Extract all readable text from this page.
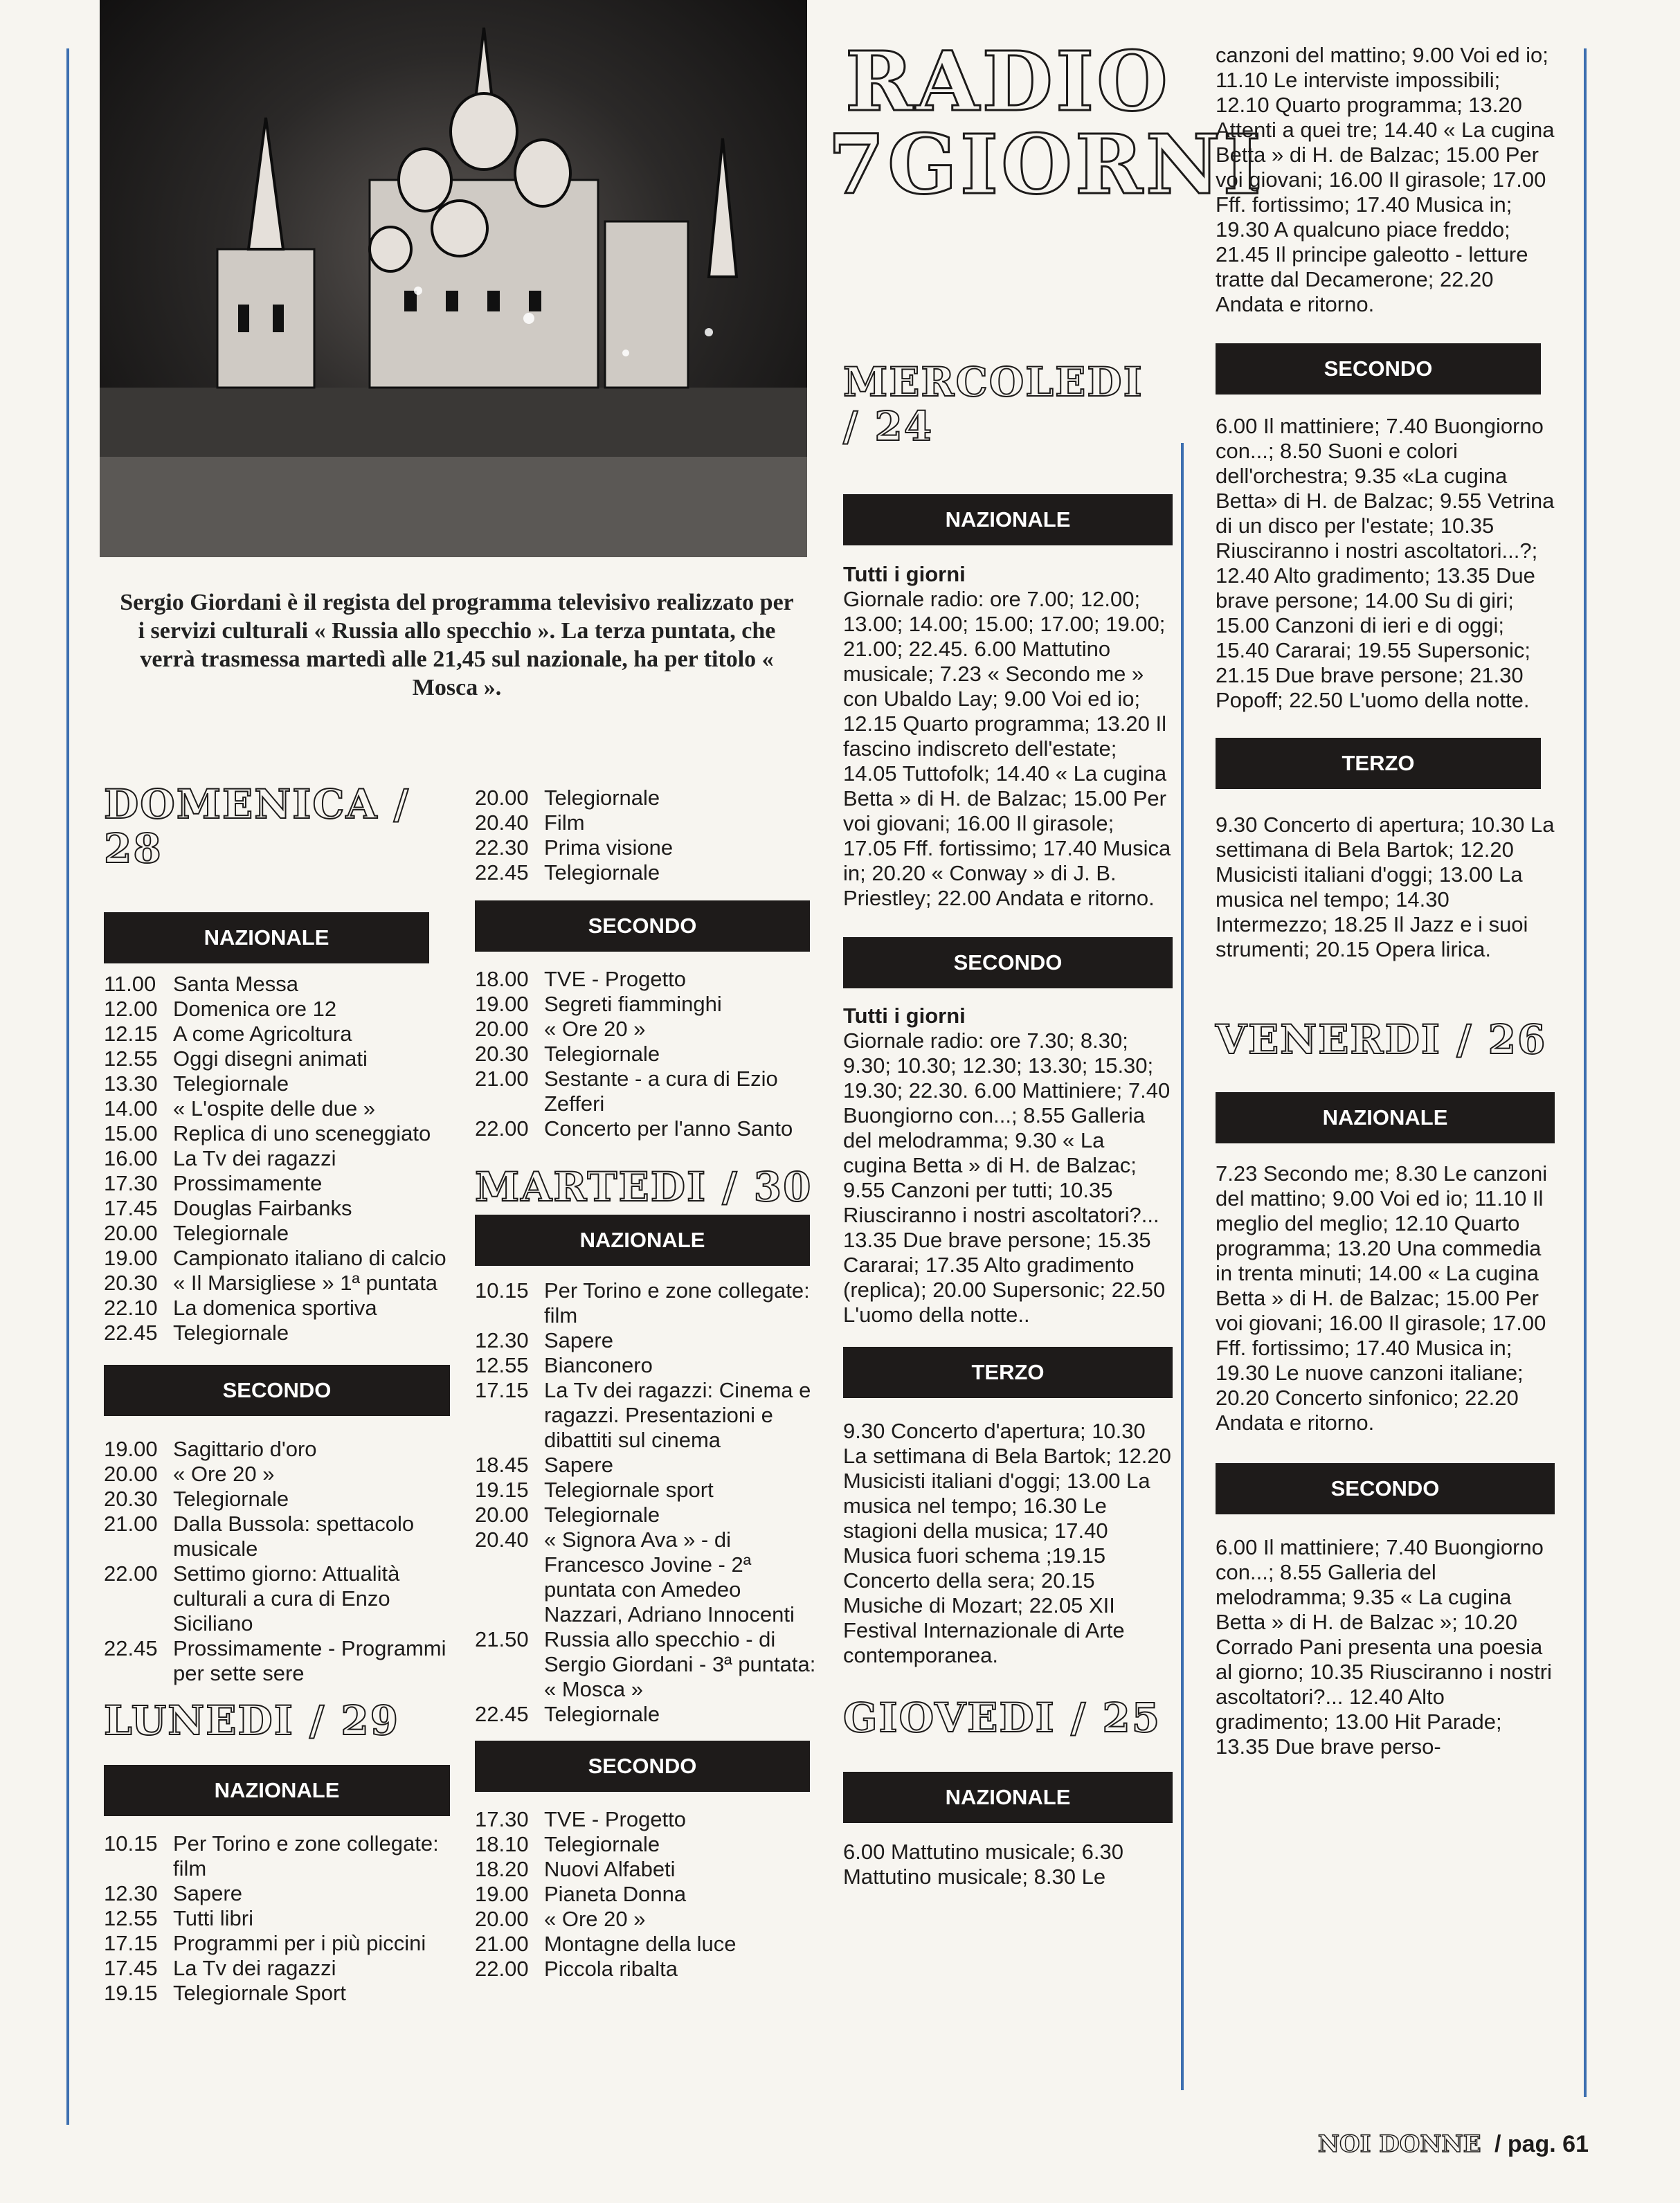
RADIO
7GIORNI
Sergio Giordani è il regista del programma televisivo realizzato per i servizi culturali « Russia allo specchio ». La terza puntata, che verrà trasmessa martedì alle 21,45 sul nazionale, ha per titolo « Mosca ».
DOMENICA / 28
NAZIONALE
11.00 Santa Messa
12.00 Domenica ore 12
12.15 A come Agricoltura
12.55 Oggi disegni animati
13.30 Telegiornale
14.00 « L'ospite delle due »
15.00 Replica di uno sceneggiato
16.00 La Tv dei ragazzi
17.30 Prossimamente
17.45 Douglas Fairbanks
20.00 Telegiornale
19.00 Campionato italiano di calcio
20.30 « Il Marsigliese » 1ª puntata
22.10 La domenica sportiva
22.45 Telegiornale
SECONDO
19.00 Sagittario d'oro
20.00 « Ore 20 »
20.30 Telegiornale
21.00 Dalla Bussola: spettacolo musicale
22.00 Settimo giorno: Attualità culturali a cura di Enzo Siciliano
22.45 Prossimamente - Programmi per sette sere
LUNEDI / 29
NAZIONALE
10.15 Per Torino e zone collegate: film
12.30 Sapere
12.55 Tutti libri
17.15 Programmi per i più piccini
17.45 La Tv dei ragazzi
19.15 Telegiornale Sport
20.00 Telegiornale
20.40 Film
22.30 Prima visione
22.45 Telegiornale
SECONDO
18.00 TVE - Progetto
19.00 Segreti fiamminghi
20.00 « Ore 20 »
20.30 Telegiornale
21.00 Sestante - a cura di Ezio Zefferi
22.00 Concerto per l'anno Santo
MARTEDI / 30
NAZIONALE
10.15 Per Torino e zone collegate: film
12.30 Sapere
12.55 Bianconero
17.15 La Tv dei ragazzi: Cinema e ragazzi. Presentazioni e dibattiti sul cinema
18.45 Sapere
19.15 Telegiornale sport
20.00 Telegiornale
20.40 « Signora Ava » - di Francesco Jovine - 2ª puntata con Amedeo Nazzari, Adriano Innocenti
21.50 Russia allo specchio - di Sergio Giordani - 3ª puntata: « Mosca »
22.45 Telegiornale
SECONDO
17.30 TVE - Progetto
18.10 Telegiornale
18.20 Nuovi Alfabeti
19.00 Pianeta Donna
20.00 « Ore 20 »
21.00 Montagne della luce
22.00 Piccola ribalta
MERCOLEDI / 24
NAZIONALE
Tutti i giorni
Giornale radio: ore 7.00; 12.00; 13.00; 14.00; 15.00; 17.00; 19.00; 21.00; 22.45. 6.00 Mattutino musicale; 7.23 « Secondo me » con Ubaldo Lay; 9.00 Voi ed io; 12.15 Quarto programma; 13.20 Il fascino indiscreto dell'estate; 14.05 Tuttofolk; 14.40 « La cugina Betta » di H. de Balzac; 15.00 Per voi giovani; 16.00 Il girasole; 17.05 Fff. fortissimo; 17.40 Musica in; 20.20 « Conway » di J. B. Priestley; 22.00 Andata e ritorno.
SECONDO
Tutti i giorni
Giornale radio: ore 7.30; 8.30; 9.30; 10.30; 12.30; 13.30; 15.30; 19.30; 22.30. 6.00 Mattiniere; 7.40 Buongiorno con...; 8.55 Galleria del melodramma; 9.30 « La cugina Betta » di H. de Balzac; 9.55 Canzoni per tutti; 10.35 Riusciranno i nostri ascoltatori?... 13.35 Due brave persone; 15.35 Cararai; 17.35 Alto gradimento (replica); 20.00 Supersonic; 22.50 L'uomo della notte..
TERZO
9.30 Concerto d'apertura; 10.30 La settimana di Bela Bartok; 12.20 Musicisti italiani d'oggi; 13.00 La musica nel tempo; 16.30 Le stagioni della musica; 17.40 Musica fuori schema ;19.15 Concerto della sera; 20.15 Musiche di Mozart; 22.05 XII Festival Internazionale di Arte contemporanea.
GIOVEDI / 25
NAZIONALE
6.00 Mattutino musicale; 6.30 Mattutino musicale; 8.30 Le
canzoni del mattino; 9.00 Voi ed io; 11.10 Le interviste impossibili; 12.10 Quarto programma; 13.20 Attenti a quei tre; 14.40 « La cugina Betta » di H. de Balzac; 15.00 Per voi giovani; 16.00 Il girasole; 17.00 Fff. fortissimo; 17.40 Musica in; 19.30 A qualcuno piace freddo; 21.45 Il principe galeotto - letture tratte dal Decamerone; 22.20 Andata e ritorno.
SECONDO
6.00 Il mattiniere; 7.40 Buongiorno con...; 8.50 Suoni e colori dell'orchestra; 9.35 «La cugina Betta» di H. de Balzac; 9.55 Vetrina di un disco per l'estate; 10.35 Riusciranno i nostri ascoltatori...?; 12.40 Alto gradimento; 13.35 Due brave persone; 14.00 Su di giri; 15.00 Canzoni di ieri e di oggi; 15.40 Cararai; 19.55 Supersonic; 21.15 Due brave persone; 21.30 Popoff; 22.50 L'uomo della notte.
TERZO
9.30 Concerto di apertura; 10.30 La settimana di Bela Bartok; 12.20 Musicisti italiani d'oggi; 13.00 La musica nel tempo; 14.30 Intermezzo; 18.25 Il Jazz e i suoi strumenti; 20.15 Opera lirica.
VENERDI / 26
NAZIONALE
7.23 Secondo me; 8.30 Le canzoni del mattino; 9.00 Voi ed io; 11.10 Il meglio del meglio; 12.10 Quarto programma; 13.20 Una commedia in trenta minuti; 14.00 « La cugina Betta » di H. de Balzac; 15.00 Per voi giovani; 16.00 Il girasole; 17.00 Fff. fortissimo; 17.40 Musica in; 19.30 Le nuove canzoni italiane; 20.20 Concerto sinfonico; 22.20 Andata e ritorno.
SECONDO
6.00 Il mattiniere; 7.40 Buongiorno con...; 8.55 Galleria del melodramma; 9.35 « La cugina Betta » di H. de Balzac »; 10.20 Corrado Pani presenta una poesia al giorno; 10.35 Riusciranno i nostri ascoltatori?... 12.40 Alto gradimento; 13.00 Hit Parade; 13.35 Due brave perso-
NOI DONNE / pag. 61
